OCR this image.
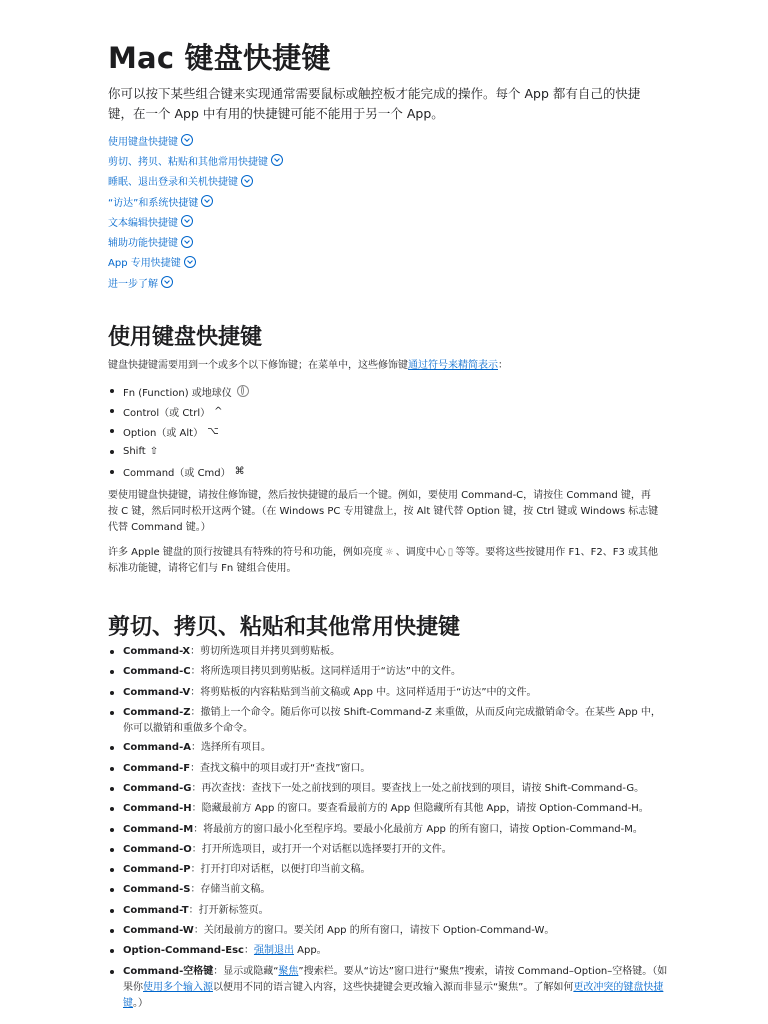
Mac 键盘快捷键
你可以按下某些组合键来实现通常需要鼠标或触控板才能完成的操作。每个 App 都有自己的快捷键，在一个 App 中有用的快捷键可能不能用于另一个 App。
使用键盘快捷键
剪切、拷贝、粘贴和其他常用快捷键
睡眠、退出登录和关机快捷键
“访达”和系统快捷键
文本编辑快捷键
辅助功能快捷键
App 专用快捷键
进一步了解
使用键盘快捷键
键盘快捷键需要用到一个或多个以下修饰键；在菜单中，这些修饰键通过符号来精简表示：
Fn (Function) 或地球仪
Control（或 Ctrl） ^
Option（或 Alt） ⌥
Shift ⇧
Command（或 Cmd） ⌘
要使用键盘快捷键，请按住修饰键，然后按快捷键的最后一个键。例如，要使用 Command-C，请按住 Command 键，再按 C 键，然后同时松开这两个键。（在 Windows PC 专用键盘上，按 Alt 键代替 Option 键，按 Ctrl 键或 Windows 标志键代替 Command 键。）
许多 Apple 键盘的顶行按键具有特殊的符号和功能，例如亮度 ☼ 、调度中心 ▯ 等等。要将这些按键用作 F1、F2、F3 或其他标准功能键，请将它们与 Fn 键组合使用。
剪切、拷贝、粘贴和其他常用快捷键
Command-X：剪切所选项目并拷贝到剪贴板。
Command-C：将所选项目拷贝到剪贴板。这同样适用于“访达”中的文件。
Command-V：将剪贴板的内容粘贴到当前文稿或 App 中。这同样适用于“访达”中的文件。
Command-Z：撤销上一个命令。随后你可以按 Shift-Command-Z 来重做，从而反向完成撤销命令。在某些 App 中，你可以撤销和重做多个命令。
Command-A：选择所有项目。
Command-F：查找文稿中的项目或打开“查找”窗口。
Command-G：再次查找：查找下一处之前找到的项目。要查找上一处之前找到的项目，请按 Shift-Command-G。
Command-H：隐藏最前方 App 的窗口。要查看最前方的 App 但隐藏所有其他 App，请按 Option-Command-H。
Command-M：将最前方的窗口最小化至程序坞。要最小化最前方 App 的所有窗口，请按 Option-Command-M。
Command-O：打开所选项目，或打开一个对话框以选择要打开的文件。
Command-P：打开打印对话框，以便打印当前文稿。
Command-S：存储当前文稿。
Command-T：打开新标签页。
Command-W：关闭最前方的窗口。要关闭 App 的所有窗口，请按下 Option-Command-W。
Option-Command-Esc：强制退出 App。
Command-空格键：显示或隐藏“聚焦”搜索栏。要从“访达”窗口进行“聚焦”搜索，请按 Command–Option–空格键。（如果你使用多个输入源以便用不同的语言键入内容，这些快捷键会更改输入源而非显示“聚焦”。了解如何更改冲突的键盘快捷键。）
